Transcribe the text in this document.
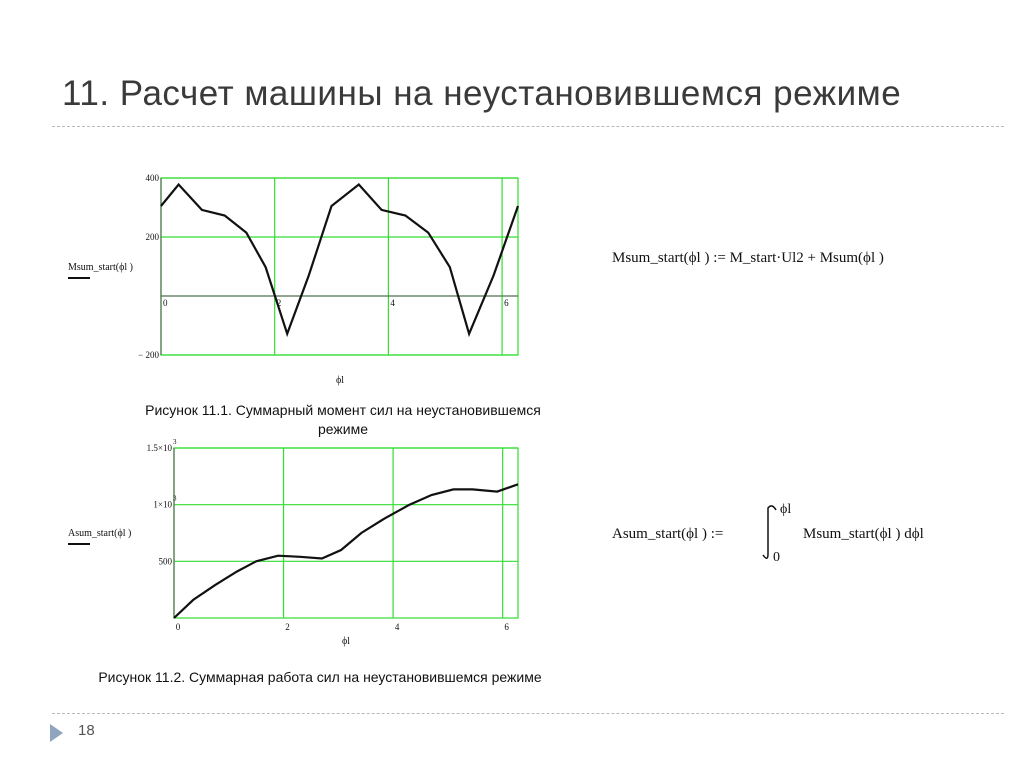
11. Расчет машины на неустановившемся режиме
400
200
− 200
0	2	4	6
Msum_start(ϕl )
ϕl
Рисунок 11.1. Суммарный момент сил на неустановившемся
режиме
1.5×10
3
1×10
3
500
0	2	4	6
Asum_start(ϕl )
ϕl
Рисунок 11.2. Суммарная работа сил на неустановившемся режиме
Msum_start(ϕl ) := M_start·Ul2 + Msum(ϕl )
Asum_start(ϕl ) :=
ϕl
0
Msum_start(ϕl ) dϕl
18
